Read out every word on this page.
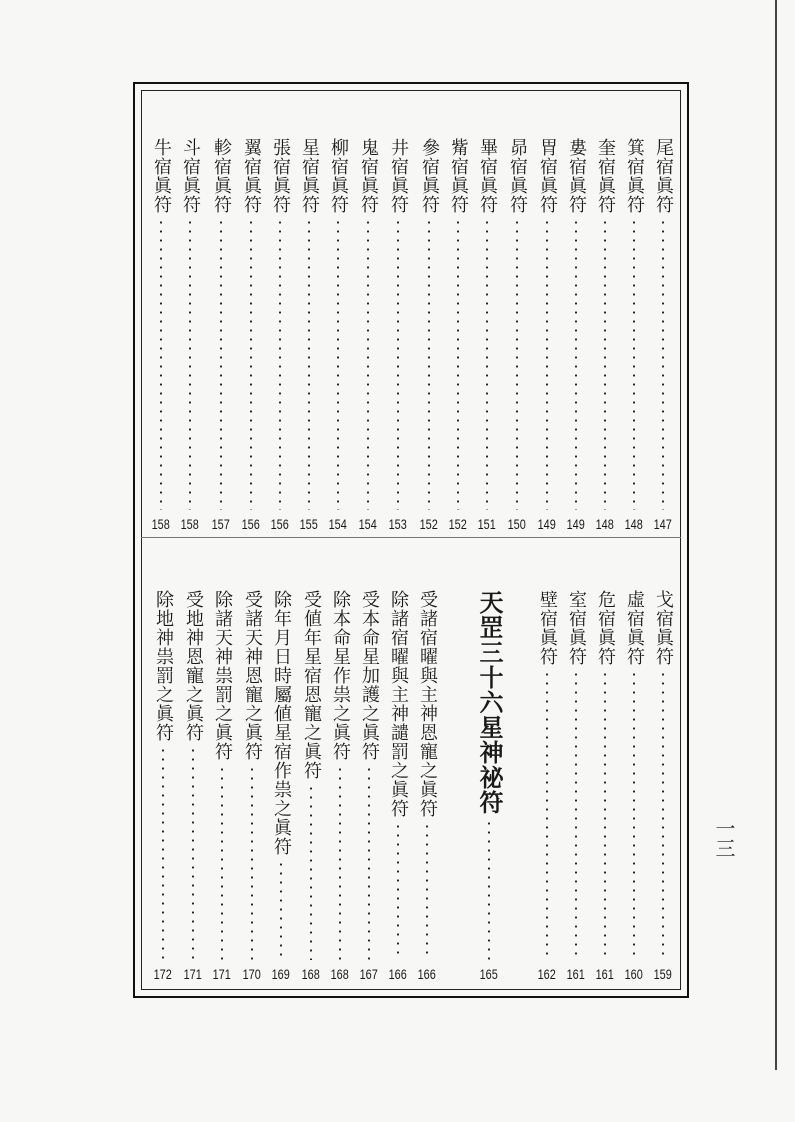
一三
尾宿眞符
147
箕宿眞符
148
奎宿眞符
148
婁宿眞符
149
胃宿眞符
149
昴宿眞符
150
畢宿眞符
151
觜宿眞符
152
參宿眞符
152
井宿眞符
153
鬼宿眞符
154
柳宿眞符
154
星宿眞符
155
張宿眞符
156
翼宿眞符
156
軫宿眞符
157
斗宿眞符
158
牛宿眞符
158
戈宿眞符
159
虛宿眞符
160
危宿眞符
161
室宿眞符
161
壁宿眞符
162
天罡三十六星神祕符
165
受諸宿曜與主神恩寵之眞符
166
除諸宿曜與主神譴罰之眞符
166
受本命星加護之眞符
167
除本命星作祟之眞符
168
受値年星宿恩寵之眞符
168
除年月日時屬値星宿作祟之眞符
169
受諸天神恩寵之眞符
170
除諸天神祟罰之眞符
171
受地神恩寵之眞符
171
除地神祟罰之眞符
172
